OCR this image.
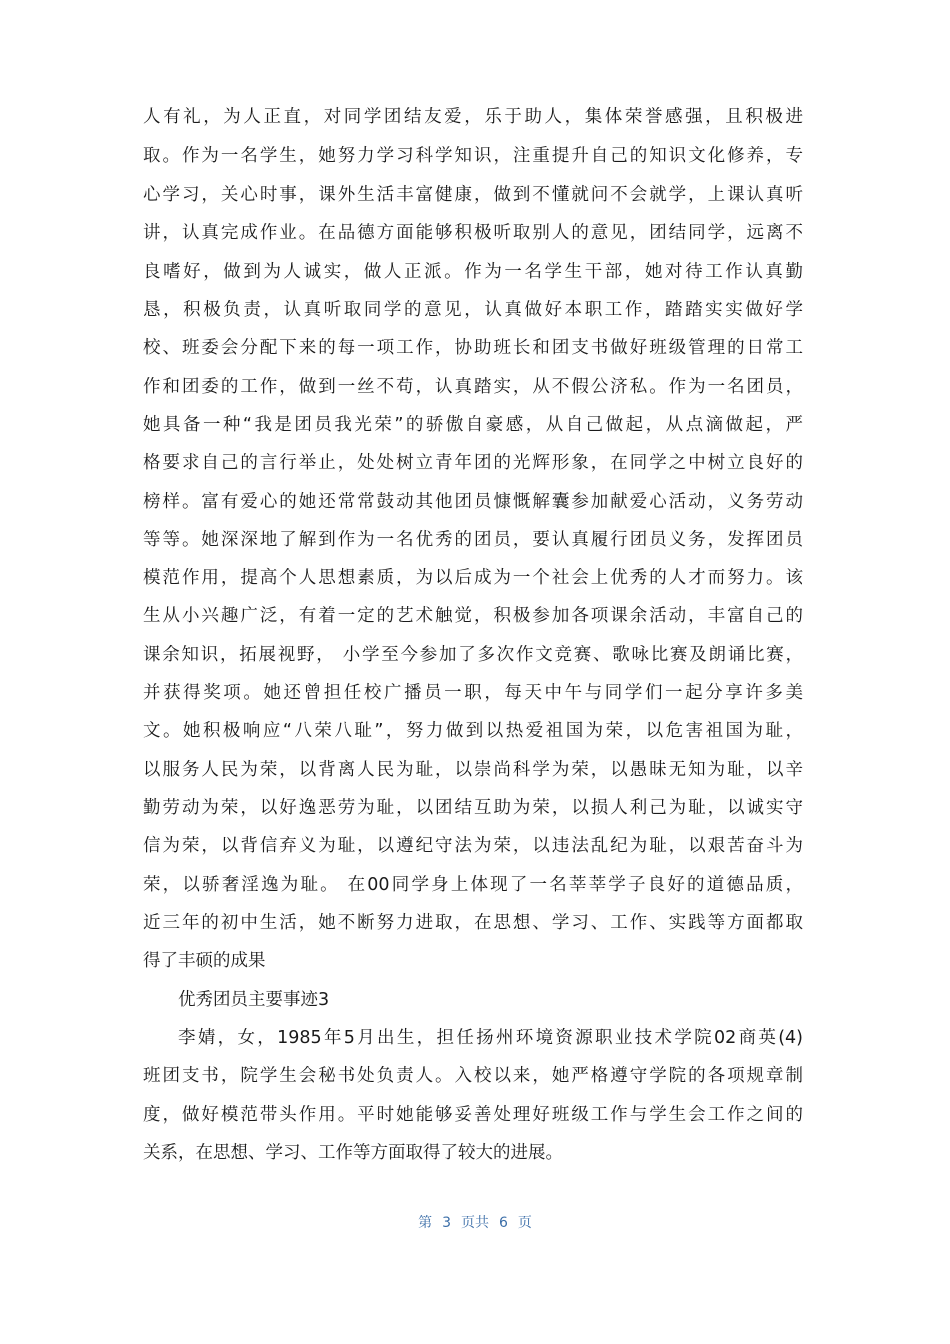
人有礼，为人正直，对同学团结友爱，乐于助人，集体荣誉感强，且积极进
取。作为一名学生，她努力学习科学知识，注重提升自己的知识文化修养，专
心学习，关心时事，课外生活丰富健康，做到不懂就问不会就学，上课认真听
讲，认真完成作业。在品德方面能够积极听取别人的意见，团结同学，远离不
良嗜好，做到为人诚实，做人正派。作为一名学生干部，她对待工作认真勤
恳，积极负责，认真听取同学的意见，认真做好本职工作，踏踏实实做好学
校、班委会分配下来的每一项工作，协助班长和团支书做好班级管理的日常工
作和团委的工作，做到一丝不苟，认真踏实，从不假公济私。作为一名团员，
她具备一种“我是团员我光荣”的骄傲自豪感，从自己做起，从点滴做起，严
格要求自己的言行举止，处处树立青年团的光辉形象，在同学之中树立良好的
榜样。富有爱心的她还常常鼓动其他团员慷慨解囊参加献爱心活动，义务劳动
等等。她深深地了解到作为一名优秀的团员，要认真履行团员义务，发挥团员
模范作用，提高个人思想素质，为以后成为一个社会上优秀的人才而努力。该
生从小兴趣广泛，有着一定的艺术触觉，积极参加各项课余活动，丰富自己的
课余知识，拓展视野， 小学至今参加了多次作文竞赛、歌咏比赛及朗诵比赛，
并获得奖项。她还曾担任校广播员一职，每天中午与同学们一起分享许多美
文。她积极响应“八荣八耻”，努力做到以热爱祖国为荣，以危害祖国为耻，
以服务人民为荣，以背离人民为耻，以崇尚科学为荣，以愚昧无知为耻，以辛
勤劳动为荣，以好逸恶劳为耻，以团结互助为荣，以损人利己为耻，以诚实守
信为荣，以背信弃义为耻，以遵纪守法为荣，以违法乱纪为耻，以艰苦奋斗为
荣，以骄奢淫逸为耻。 在00同学身上体现了一名莘莘学子良好的道德品质，
近三年的初中生活，她不断努力进取，在思想、学习、工作、实践等方面都取
得了丰硕的成果
优秀团员主要事迹3
李婧，女，1985年5月出生，担任扬州环境资源职业技术学院02商英(4)
班团支书，院学生会秘书处负责人。入校以来，她严格遵守学院的各项规章制
度，做好模范带头作用。平时她能够妥善处理好班级工作与学生会工作之间的
关系，在思想、学习、工作等方面取得了较大的进展。
第 3 页共 6 页
